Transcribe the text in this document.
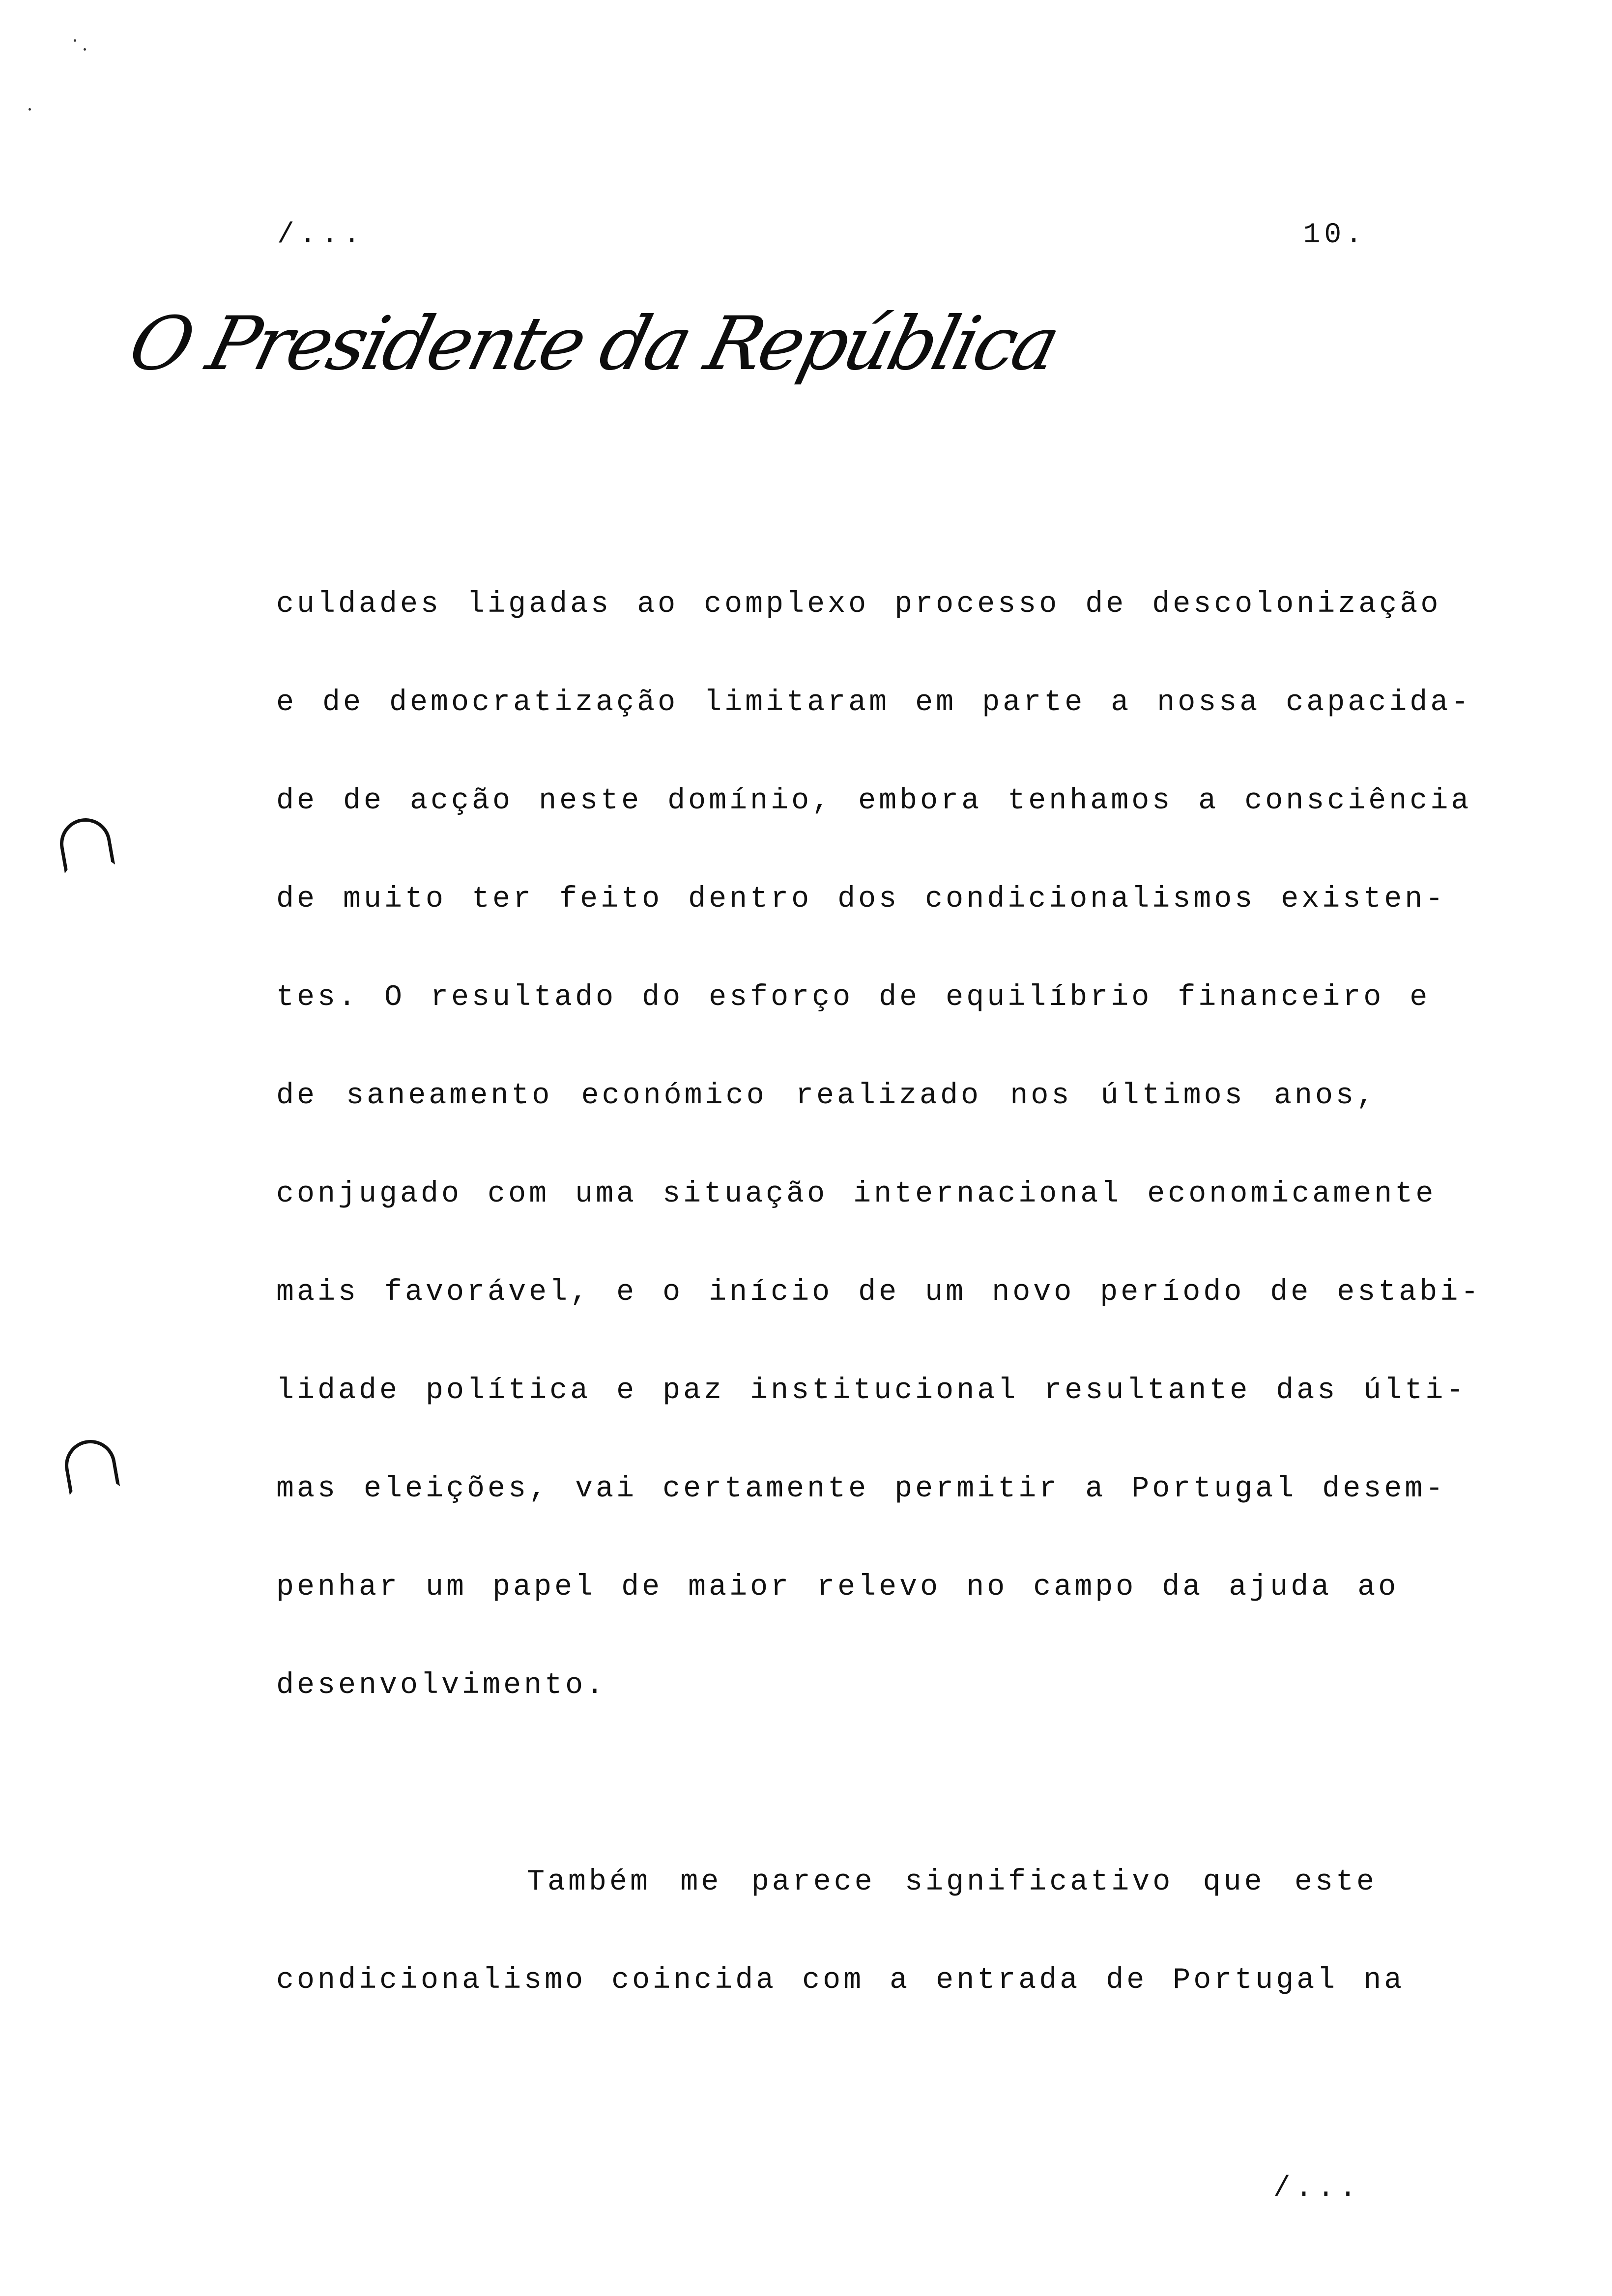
/...	10.
O Presidente da República
culdades ligadas ao complexo processo de descolonização
e de democratização limitaram em parte a nossa capacida-
de de acção neste domínio, embora tenhamos a consciência
de muito ter feito dentro dos condicionalismos existen-
tes. O resultado do esforço de equilíbrio financeiro e
de saneamento económico realizado nos últimos anos,
conjugado com uma situação internacional economicamente
mais favorável, e o início de um novo período de estabi-
lidade política e paz institucional resultante das últi-
mas eleições, vai certamente permitir a Portugal desem-
penhar um papel de maior relevo no campo da ajuda ao
desenvolvimento.
Também me parece significativo que este
condicionalismo coincida com a entrada de Portugal na
/...
